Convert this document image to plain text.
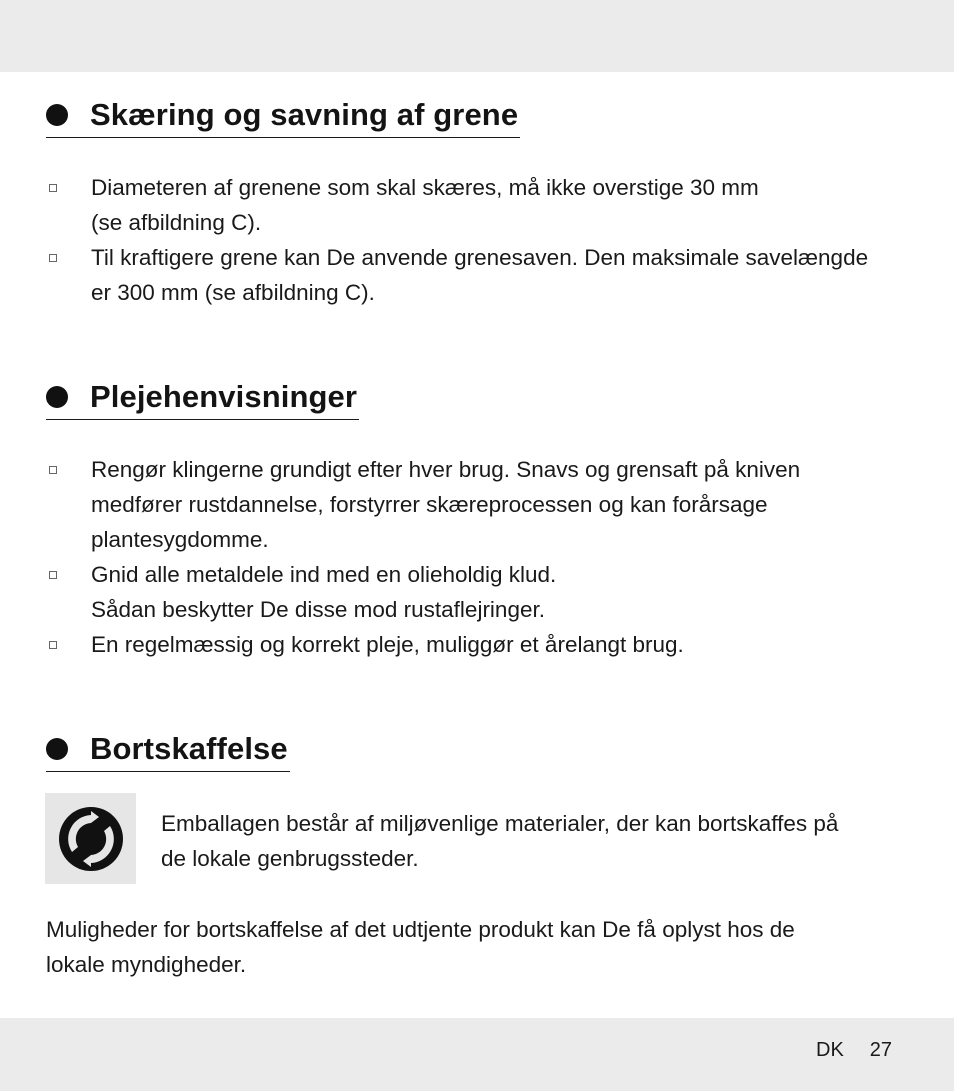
Skæring og savning af grene
Diameteren af grenene som skal skæres, må ikke overstige 30 mm
(se afbildning C).
Til kraftigere grene kan De anvende grenesaven. Den maksimale savelængde
er 300 mm (se afbildning C).
Plejehenvisninger
Rengør klingerne grundigt efter hver brug. Snavs og grensaft på kniven
medfører rustdannelse, forstyrrer skæreprocessen og kan forårsage
plantesygdomme.
Gnid alle metaldele ind med en olieholdig klud.
Sådan beskytter De disse mod rustaflejringer.
En regelmæssig og korrekt pleje, muliggør et årelangt brug.
Bortskaffelse
Emballagen består af miljøvenlige materialer, der kan bortskaffes på
de lokale genbrugssteder.
Muligheder for bortskaffelse af det udtjente produkt kan De få oplyst hos de
lokale myndigheder.
DK 27
